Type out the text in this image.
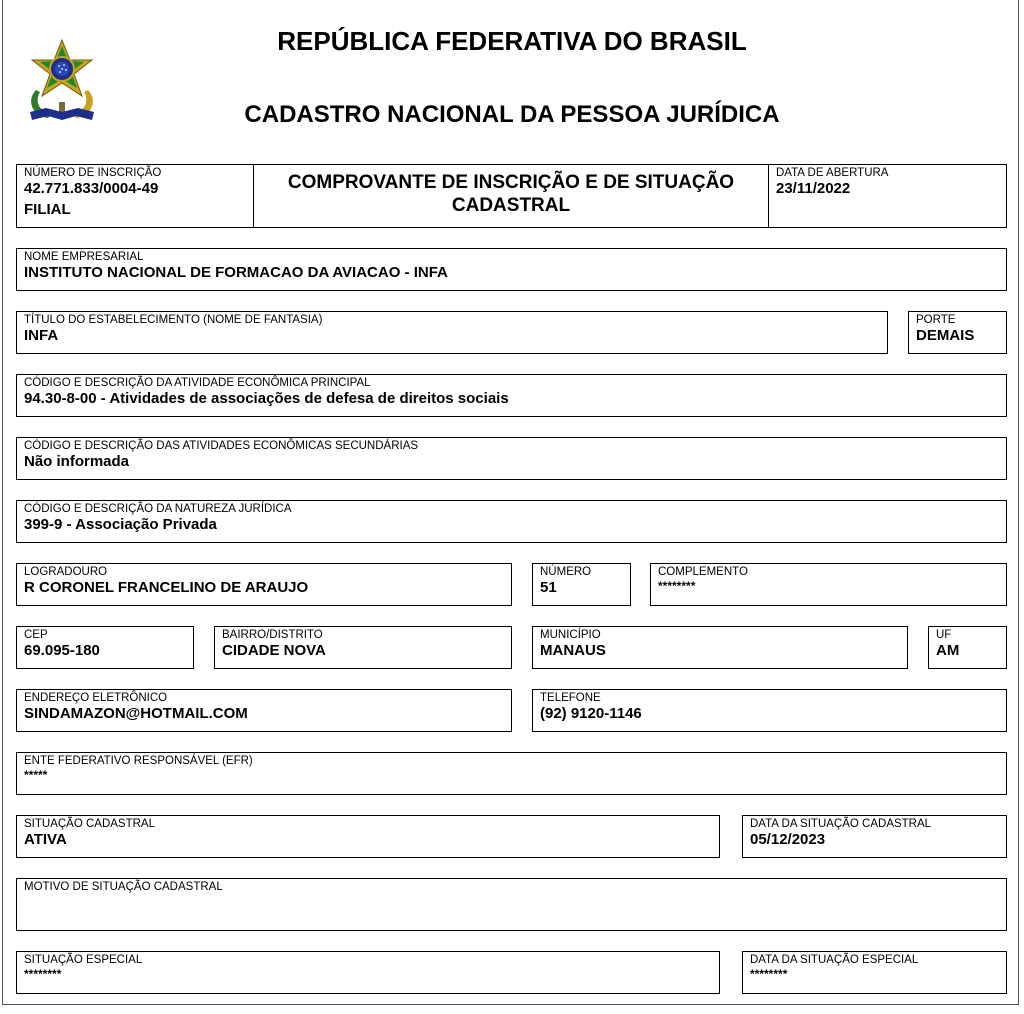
REPÚBLICA FEDERATIVA DO BRASIL
CADASTRO NACIONAL DA PESSOA JURÍDICA
NÚMERO DE INSCRIÇÃO
42.771.833/0004-49
FILIAL
COMPROVANTE DE INSCRIÇÃO E DE SITUAÇÃO
CADASTRAL
DATA DE ABERTURA
23/11/2022
NOME EMPRESARIAL
INSTITUTO NACIONAL DE FORMACAO DA AVIACAO - INFA
TÍTULO DO ESTABELECIMENTO (NOME DE FANTASIA)
INFA
PORTE
DEMAIS
CÓDIGO E DESCRIÇÃO DA ATIVIDADE ECONÔMICA PRINCIPAL
94.30-8-00 - Atividades de associações de defesa de direitos sociais
CÓDIGO E DESCRIÇÃO DAS ATIVIDADES ECONÔMICAS SECUNDÁRIAS
Não informada
CÓDIGO E DESCRIÇÃO DA NATUREZA JURÍDICA
399-9 - Associação Privada
LOGRADOURO
R CORONEL FRANCELINO DE ARAUJO
NÚMERO
51
COMPLEMENTO
********
CEP
69.095-180
BAIRRO/DISTRITO
CIDADE NOVA
MUNICÍPIO
MANAUS
UF
AM
ENDEREÇO ELETRÔNICO
SINDAMAZON@HOTMAIL.COM
TELEFONE
(92) 9120-1146
ENTE FEDERATIVO RESPONSÁVEL (EFR)
*****
SITUAÇÃO CADASTRAL
ATIVA
DATA DA SITUAÇÃO CADASTRAL
05/12/2023
MOTIVO DE SITUAÇÃO CADASTRAL
SITUAÇÃO ESPECIAL
********
DATA DA SITUAÇÃO ESPECIAL
********
